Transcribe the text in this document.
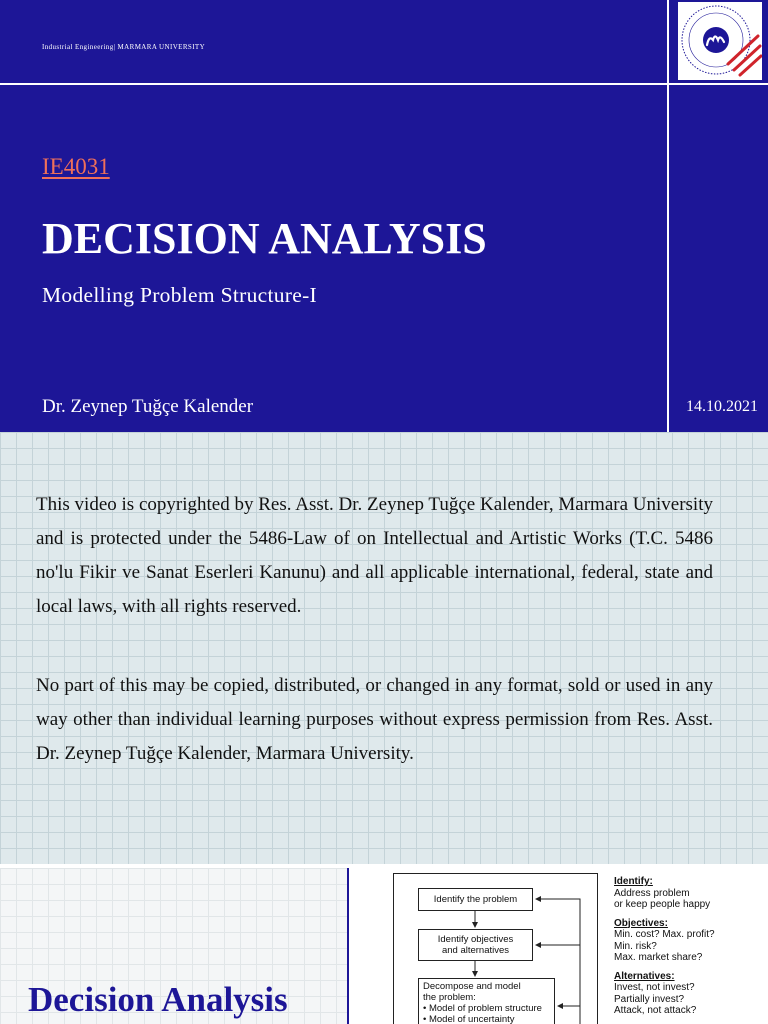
Industrial Engineering| MARMARA UNIVERSITY
IE4031
DECISION ANALYSIS
Modelling Problem Structure-I
Dr. Zeynep Tuğçe Kalender	14.10.2021

This video is copyrighted by Res. Asst. Dr. Zeynep Tuğçe Kalender, Marmara University and is protected under the 5486-Law of on Intellectual and Artistic Works (T.C. 5486 no'lu Fikir ve Sanat Eserleri Kanunu) and all applicable international, federal, state and local laws, with all rights reserved.

No part of this may be copied, distributed, or changed in any format, sold or used in any way other than individual learning purposes without express permission from Res. Asst. Dr. Zeynep Tuğçe Kalender, Marmara University.

Decision Analysis
Identify the problem
Identify objectives
and alternatives
Decompose and model
the problem:
• Model of problem structure
• Model of uncertainty
Identify:
Address problem
or keep people happy
Objectives:
Min. cost? Max. profit?
Min. risk?
Max. market share?
Alternatives:
Invest, not invest?
Partially invest?
Attack, not attack?
